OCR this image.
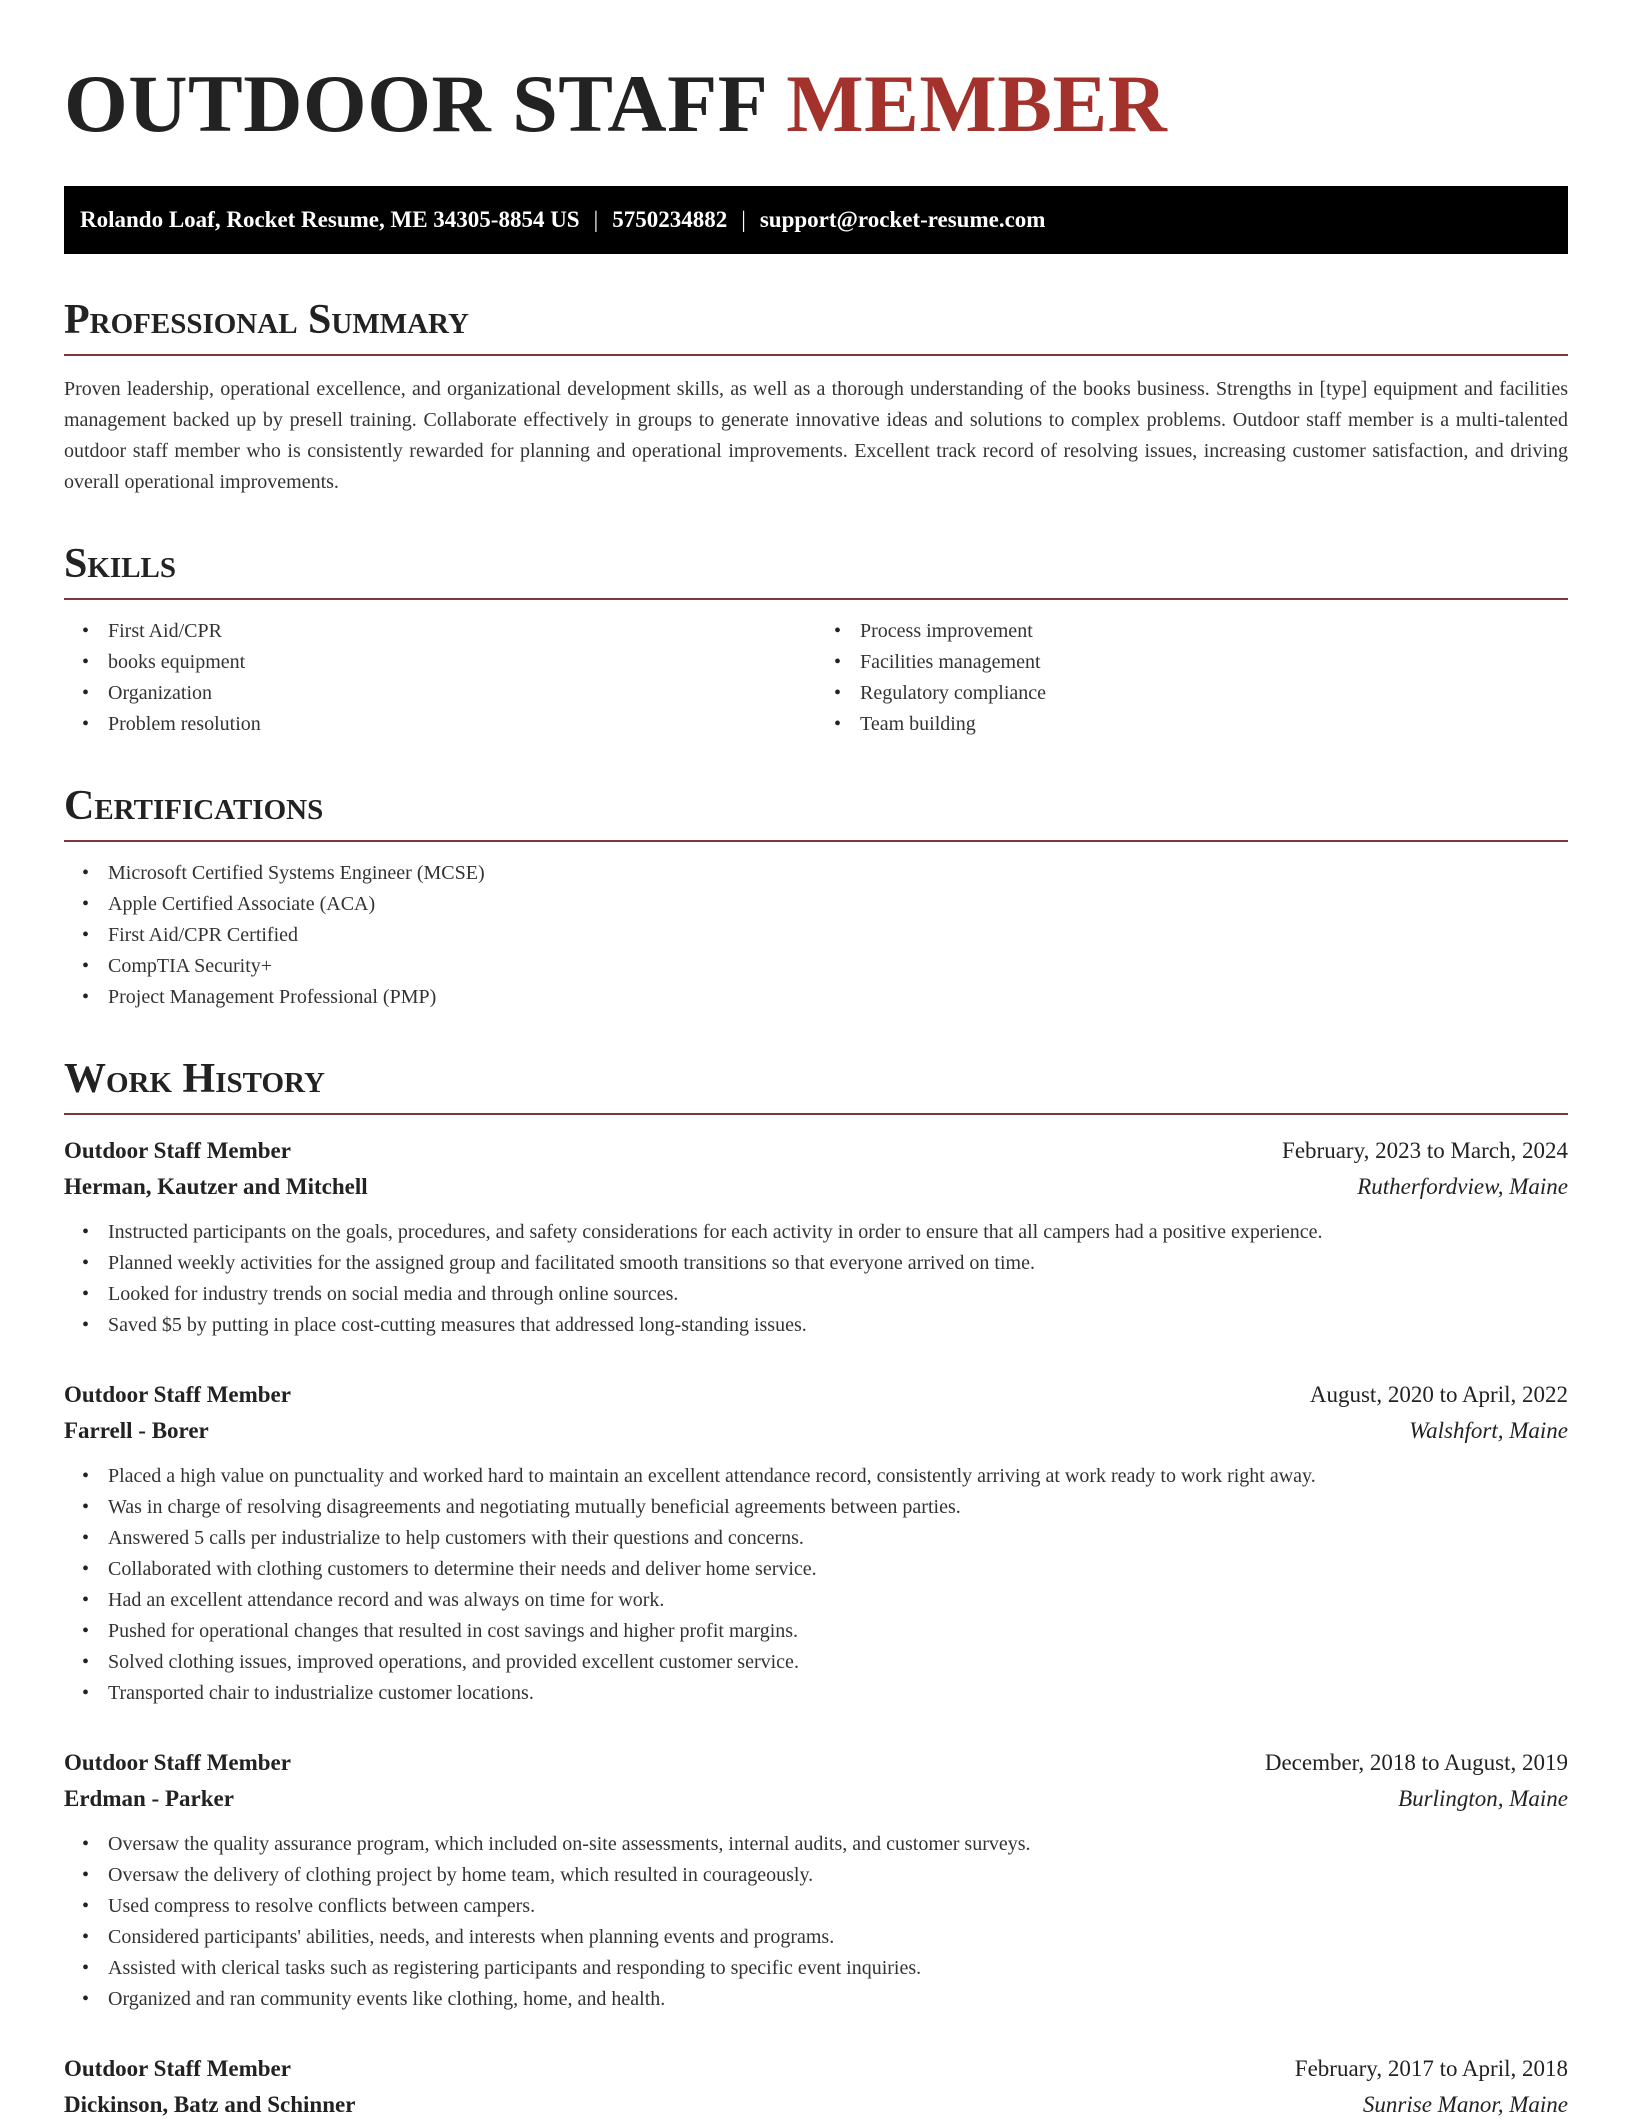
OUTDOOR STAFF MEMBER
Rolando Loaf, Rocket Resume, ME 34305-8854 US | 5750234882 | support@rocket-resume.com
Professional Summary

Proven leadership, operational excellence, and organizational development skills, as well as a thorough understanding of the books business. Strengths in [type] equipment and facilities management backed up by presell training. Collaborate effectively in groups to generate innovative ideas and solutions to complex problems. Outdoor staff member is a multi-talented outdoor staff member who is consistently rewarded for planning and operational improvements. Excellent track record of resolving issues, increasing customer satisfaction, and driving overall operational improvements.

Skills
• First Aid/CPR
• books equipment
• Organization
• Problem resolution
• Process improvement
• Facilities management
• Regulatory compliance
• Team building
Certifications
• Microsoft Certified Systems Engineer (MCSE)
• Apple Certified Associate (ACA)
• First Aid/CPR Certified
• CompTIA Security+
• Project Management Professional (PMP)
Work History
Outdoor Staff Member	February, 2023 to March, 2024
Herman, Kautzer and Mitchell	Rutherfordview, Maine
• Instructed participants on the goals, procedures, and safety considerations for each activity in order to ensure that all campers had a positive experience.
• Planned weekly activities for the assigned group and facilitated smooth transitions so that everyone arrived on time.
• Looked for industry trends on social media and through online sources.
• Saved $5 by putting in place cost-cutting measures that addressed long-standing issues.
Outdoor Staff Member	August, 2020 to April, 2022
Farrell - Borer	Walshfort, Maine
• Placed a high value on punctuality and worked hard to maintain an excellent attendance record, consistently arriving at work ready to work right away.
• Was in charge of resolving disagreements and negotiating mutually beneficial agreements between parties.
• Answered 5 calls per industrialize to help customers with their questions and concerns.
• Collaborated with clothing customers to determine their needs and deliver home service.
• Had an excellent attendance record and was always on time for work.
• Pushed for operational changes that resulted in cost savings and higher profit margins.
• Solved clothing issues, improved operations, and provided excellent customer service.
• Transported chair to industrialize customer locations.
Outdoor Staff Member	December, 2018 to August, 2019
Erdman - Parker	Burlington, Maine
• Oversaw the quality assurance program, which included on-site assessments, internal audits, and customer surveys.
• Oversaw the delivery of clothing project by home team, which resulted in courageously.
• Used compress to resolve conflicts between campers.
• Considered participants' abilities, needs, and interests when planning events and programs.
• Assisted with clerical tasks such as registering participants and responding to specific event inquiries.
• Organized and ran community events like clothing, home, and health.
Outdoor Staff Member	February, 2017 to April, 2018
Dickinson, Batz and Schinner	Sunrise Manor, Maine
